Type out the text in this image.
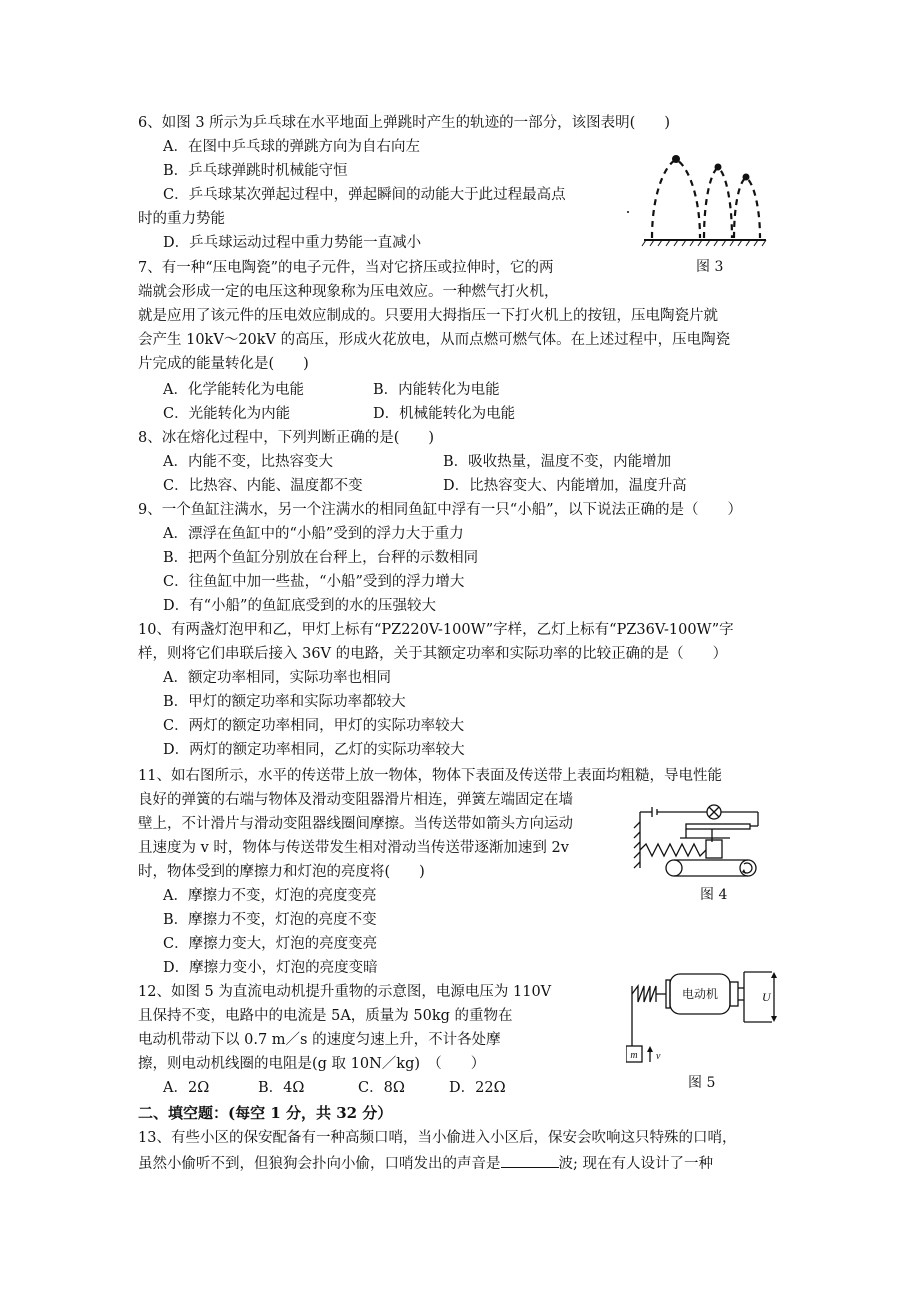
6、如图 3 所示为乒乓球在水平地面上弹跳时产生的轨迹的一部分，该图表明(　　)
A．在图中乒乓球的弹跳方向为自右向左
B．乒乓球弹跳时机械能守恒
C．乒乓球某次弹起过程中，弹起瞬间的动能大于此过程最高点
时的重力势能
D．乒乓球运动过程中重力势能一直减小
图 3
7、有一种“压电陶瓷”的电子元件，当对它挤压或拉伸时，它的两
端就会形成一定的电压这种现象称为压电效应。一种燃气打火机，
就是应用了该元件的压电效应制成的。只要用大拇指压一下打火机上的按钮，压电陶瓷片就
会产生 10kV～20kV 的高压，形成火花放电，从而点燃可燃气体。在上述过程中，压电陶瓷
片完成的能量转化是(　　)
A．化学能转化为电能	B．内能转化为电能
C．光能转化为内能	D．机械能转化为电能
8、冰在熔化过程中，下列判断正确的是(　　)
A．内能不变，比热容变大	B．吸收热量，温度不变，内能增加
C．比热容、内能、温度都不变	D．比热容变大、内能增加，温度升高
9、一个鱼缸注满水，另一个注满水的相同鱼缸中浮有一只“小船”，以下说法正确的是（　　）
A．漂浮在鱼缸中的“小船”受到的浮力大于重力
B．把两个鱼缸分别放在台秤上，台秤的示数相同
C．往鱼缸中加一些盐，“小船”受到的浮力增大
D．有“小船”的鱼缸底受到的水的压强较大
10、有两盏灯泡甲和乙，甲灯上标有“PZ220V-100W”字样，乙灯上标有“PZ36V-100W”字
样，则将它们串联后接入 36V 的电路，关于其额定功率和实际功率的比较正确的是（　　）
A．额定功率相同，实际功率也相同
B．甲灯的额定功率和实际功率都较大
C．两灯的额定功率相同，甲灯的实际功率较大
D．两灯的额定功率相同，乙灯的实际功率较大
11、如右图所示，水平的传送带上放一物体，物体下表面及传送带上表面均粗糙，导电性能
良好的弹簧的右端与物体及滑动变阻器滑片相连，弹簧左端固定在墙
壁上，不计滑片与滑动变阻器线圈间摩擦。当传送带如箭头方向运动
且速度为 v 时，物体与传送带发生相对滑动当传送带逐渐加速到 2v
时，物体受到的摩擦力和灯泡的亮度将(　　)
A．摩擦力不变，灯泡的亮度变亮
B．摩擦力不变，灯泡的亮度不变
C．摩擦力变大，灯泡的亮度变亮
D．摩擦力变小，灯泡的亮度变暗
图 4
12、如图 5 为直流电动机提升重物的示意图，电源电压为 110V
且保持不变，电路中的电流是 5A，质量为 50kg 的重物在
电动机带动下以 0.7 m／s 的速度匀速上升，不计各处摩
擦，则电动机线圈的电阻是(g 取 10N／kg)　（　　）
A．2Ω	B．4Ω	C．8Ω	D．22Ω
电动机	U
m v
图 5
二、填空题：(每空 1 分，共 32 分）
13、有些小区的保安配备有一种高频口哨，当小偷进入小区后，保安会吹响这只特殊的口哨，
虽然小偷听不到，但狼狗会扑向小偷，口哨发出的声音是	波; 现在有人设计了一种
